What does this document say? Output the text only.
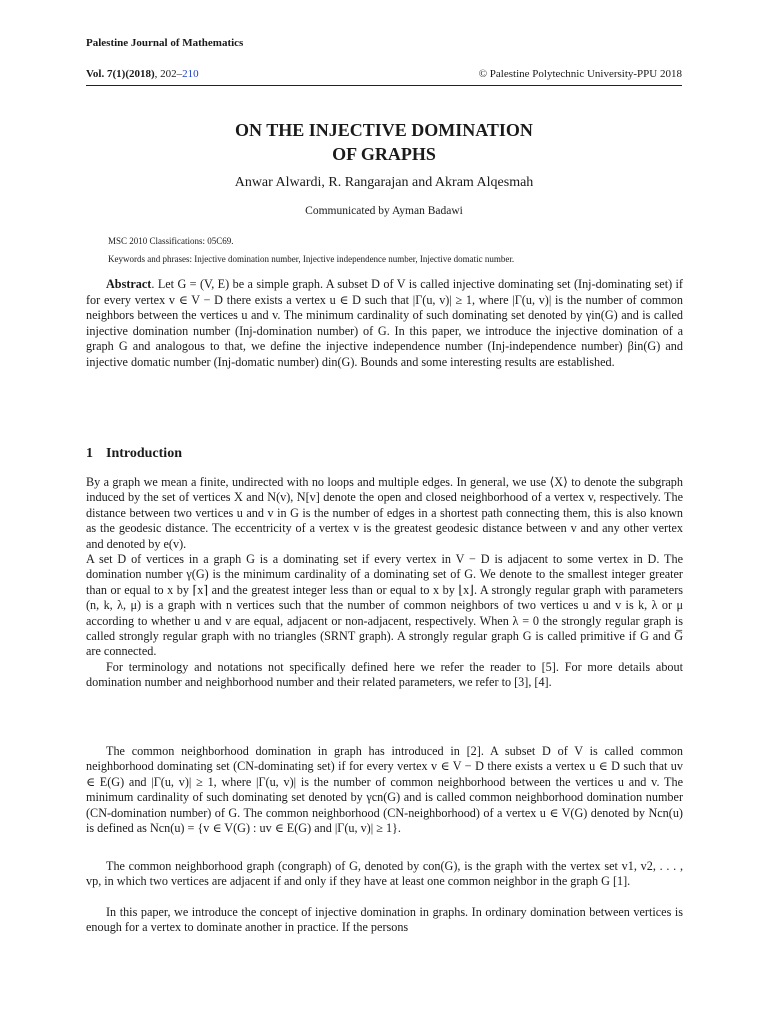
Palestine Journal of Mathematics
Vol. 7(1)(2018), 202–210	© Palestine Polytechnic University-PPU 2018
ON THE INJECTIVE DOMINATION
OF GRAPHS
Anwar Alwardi, R. Rangarajan and Akram Alqesmah
Communicated by Ayman Badawi
MSC 2010 Classifications: 05C69.
Keywords and phrases: Injective domination number, Injective independence number, Injective domatic number.
Abstract. Let G = (V, E) be a simple graph. A subset D of V is called injective dominating set (Inj-dominating set) if for every vertex v ∈ V − D there exists a vertex u ∈ D such that |Γ(u, v)| ≥ 1, where |Γ(u, v)| is the number of common neighbors between the vertices u and v. The minimum cardinality of such dominating set denoted by γin(G) and is called injective domination number (Inj-domination number) of G. In this paper, we introduce the injective domination of a graph G and analogous to that, we define the injective independence number (Inj-independence number) βin(G) and injective domatic number (Inj-domatic number) din(G). Bounds and some interesting results are established.
1 Introduction
By a graph we mean a finite, undirected with no loops and multiple edges. In general, we use ⟨X⟩ to denote the subgraph induced by the set of vertices X and N(v), N[v] denote the open and closed neighborhood of a vertex v, respectively. The distance between two vertices u and v in G is the number of edges in a shortest path connecting them, this is also known as the geodesic distance. The eccentricity of a vertex v is the greatest geodesic distance between v and any other vertex and denoted by e(v).
A set D of vertices in a graph G is a dominating set if every vertex in V − D is adjacent to some vertex in D. The domination number γ(G) is the minimum cardinality of a dominating set of G. We denote to the smallest integer greater than or equal to x by ⌈x⌉ and the greatest integer less than or equal to x by ⌊x⌋. A strongly regular graph with parameters (n, k, λ, μ) is a graph with n vertices such that the number of common neighbors of two vertices u and v is k, λ or μ according to whether u and v are equal, adjacent or non-adjacent, respectively. When λ = 0 the strongly regular graph is called strongly regular graph with no triangles (SRNT graph). A strongly regular graph G is called primitive if G and G̅ are connected.
For terminology and notations not specifically defined here we refer the reader to [5]. For more details about domination number and neighborhood number and their related parameters, we refer to [3], [4].
The common neighborhood domination in graph has introduced in [2]. A subset D of V is called common neighborhood dominating set (CN-dominating set) if for every vertex v ∈ V − D there exists a vertex u ∈ D such that uv ∈ E(G) and |Γ(u, v)| ≥ 1, where |Γ(u, v)| is the number of common neighborhood between the vertices u and v. The minimum cardinality of such dominating set denoted by γcn(G) and is called common neighborhood domination number (CN-domination number) of G. The common neighborhood (CN-neighborhood) of a vertex u ∈ V(G) denoted by Ncn(u) is defined as Ncn(u) = {v ∈ V(G) : uv ∈ E(G) and |Γ(u, v)| ≥ 1}.
The common neighborhood graph (congraph) of G, denoted by con(G), is the graph with the vertex set v1, v2, . . . , vp, in which two vertices are adjacent if and only if they have at least one common neighbor in the graph G [1].
In this paper, we introduce the concept of injective domination in graphs. In ordinary domination between vertices is enough for a vertex to dominate another in practice. If the persons
